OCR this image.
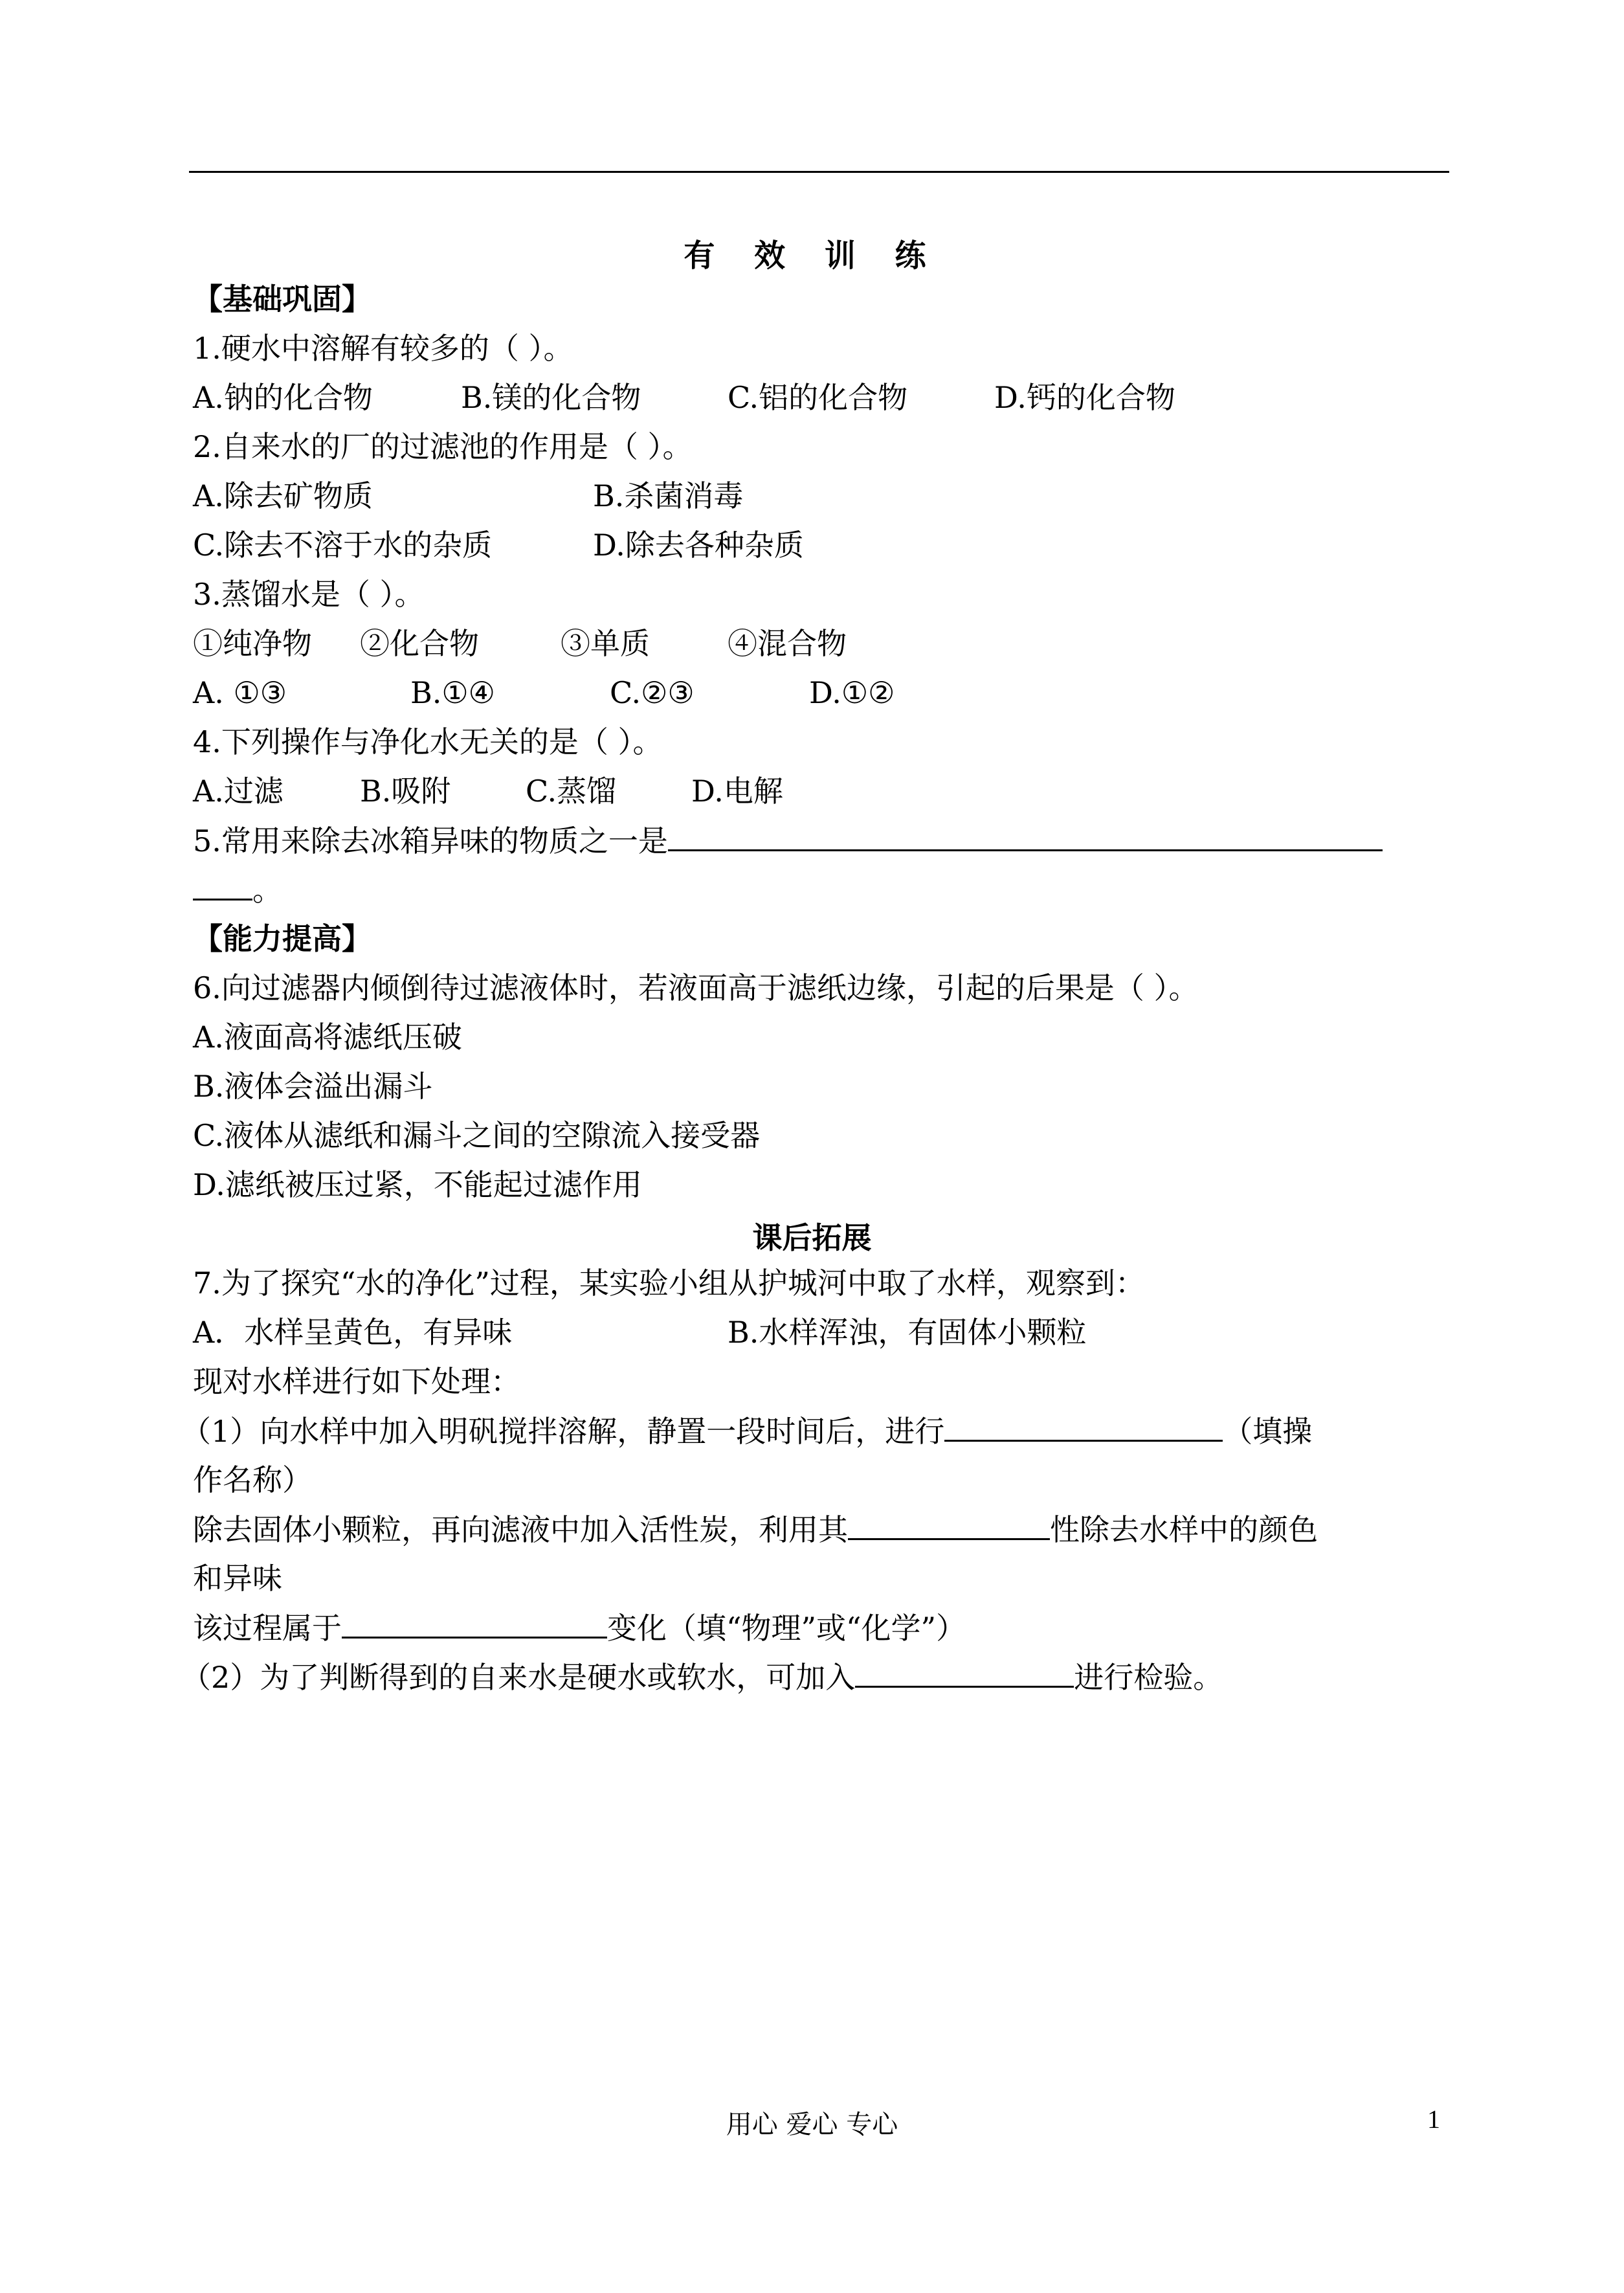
有 效 训 练
【基础巩固】
1.硬水中溶解有较多的（ ）。
A.钠的化合物	B.镁的化合物	C.铝的化合物	D.钙的化合物
2.自来水的厂的过滤池的作用是（ ）。
A.除去矿物质	B.杀菌消毒
C.除去不溶于水的杂质	D.除去各种杂质
3.蒸馏水是（ ）。
①纯净物 ②化合物	③单质	④混合物
A. ①③	B.①④	C.②③	D.①②
4.下列操作与净化水无关的是（ ）。
A.过滤	B.吸附	C.蒸馏	D.电解
5.常用来除去冰箱异味的物质之一是
。
【能力提高】
6.向过滤器内倾倒待过滤液体时，若液面高于滤纸边缘，引起的后果是（ ）。
A.液面高将滤纸压破
B.液体会溢出漏斗
C.液体从滤纸和漏斗之间的空隙流入接受器
D.滤纸被压过紧，不能起过滤作用
课后拓展
7.为了探究“水的净化”过程，某实验小组从护城河中取了水样，观察到：
A．水样呈黄色，有异味	B.水样浑浊，有固体小颗粒
现对水样进行如下处理：
（1）向水样中加入明矾搅拌溶解，静置一段时间后，进行	（填操
作名称）
除去固体小颗粒，再向滤液中加入活性炭，利用其	性除去水样中的颜色
和异味
该过程属于	变化（填“物理”或“化学”）
（2）为了判断得到的自来水是硬水或软水，可加入	进行检验。
用心 爱心 专心	1
